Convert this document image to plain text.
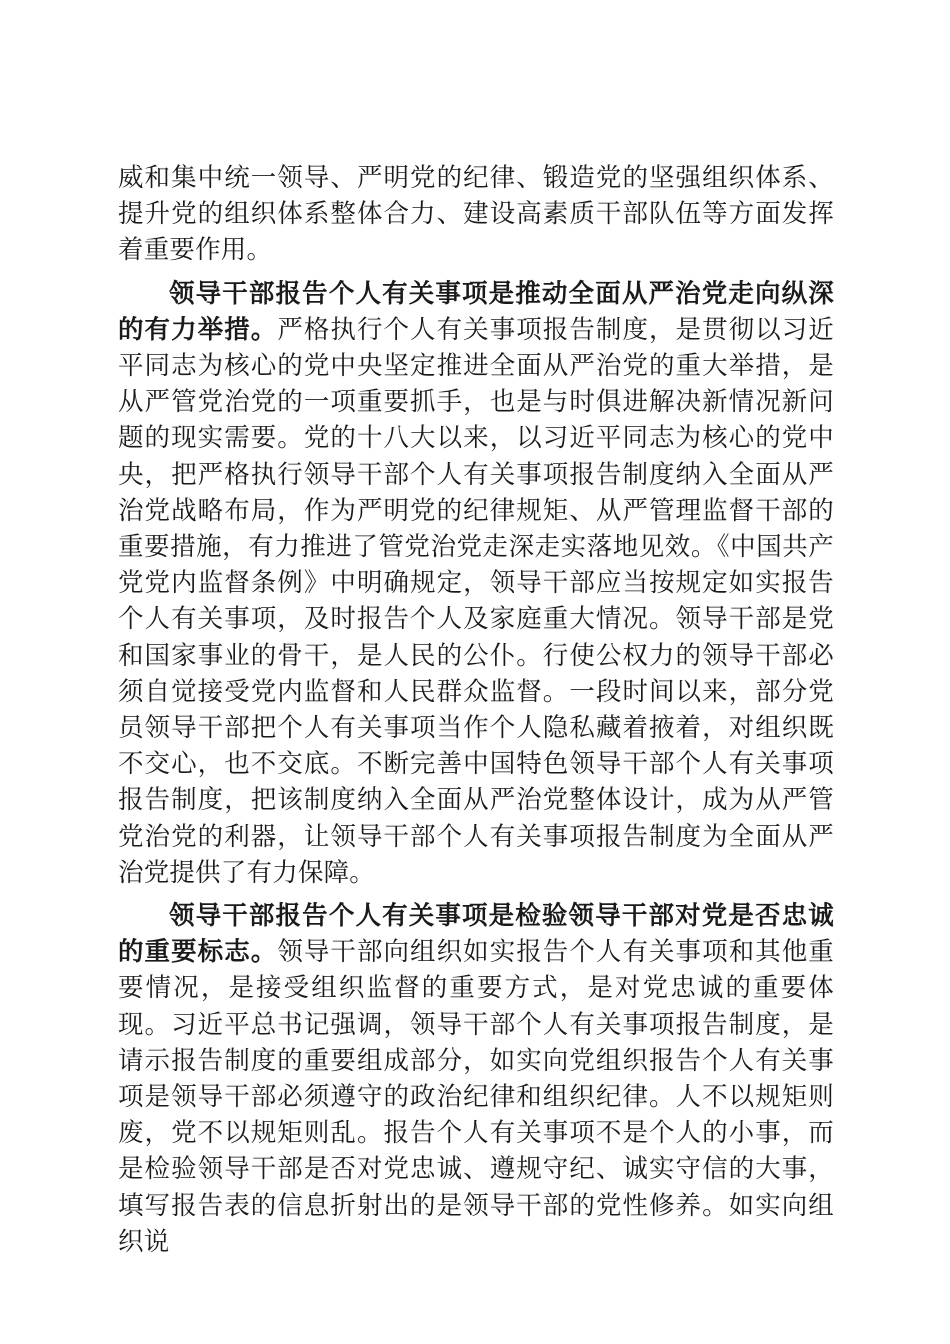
威和集中统一领导、严明党的纪律、锻造党的坚强组织体系、提升党的组织体系整体合力、建设高素质干部队伍等方面发挥着重要作用。

领导干部报告个人有关事项是推动全面从严治党走向纵深的有力举措。严格执行个人有关事项报告制度，是贯彻以习近平同志为核心的党中央坚定推进全面从严治党的重大举措，是从严管党治党的一项重要抓手，也是与时俱进解决新情况新问题的现实需要。党的十八大以来，以习近平同志为核心的党中央，把严格执行领导干部个人有关事项报告制度纳入全面从严治党战略布局，作为严明党的纪律规矩、从严管理监督干部的重要措施，有力推进了管党治党走深走实落地见效。《中国共产党党内监督条例》中明确规定，领导干部应当按规定如实报告个人有关事项，及时报告个人及家庭重大情况。领导干部是党和国家事业的骨干，是人民的公仆。行使公权力的领导干部必须自觉接受党内监督和人民群众监督。一段时间以来，部分党员领导干部把个人有关事项当作个人隐私藏着掖着，对组织既不交心，也不交底。不断完善中国特色领导干部个人有关事项报告制度，把该制度纳入全面从严治党整体设计，成为从严管党治党的利器，让领导干部个人有关事项报告制度为全面从严治党提供了有力保障。

领导干部报告个人有关事项是检验领导干部对党是否忠诚的重要标志。领导干部向组织如实报告个人有关事项和其他重要情况，是接受组织监督的重要方式，是对党忠诚的重要体现。习近平总书记强调，领导干部个人有关事项报告制度，是请示报告制度的重要组成部分，如实向党组织报告个人有关事项是领导干部必须遵守的政治纪律和组织纪律。人不以规矩则废，党不以规矩则乱。报告个人有关事项不是个人的小事，而是检验领导干部是否对党忠诚、遵规守纪、诚实守信的大事，填写报告表的信息折射出的是领导干部的党性修养。如实向组织说
